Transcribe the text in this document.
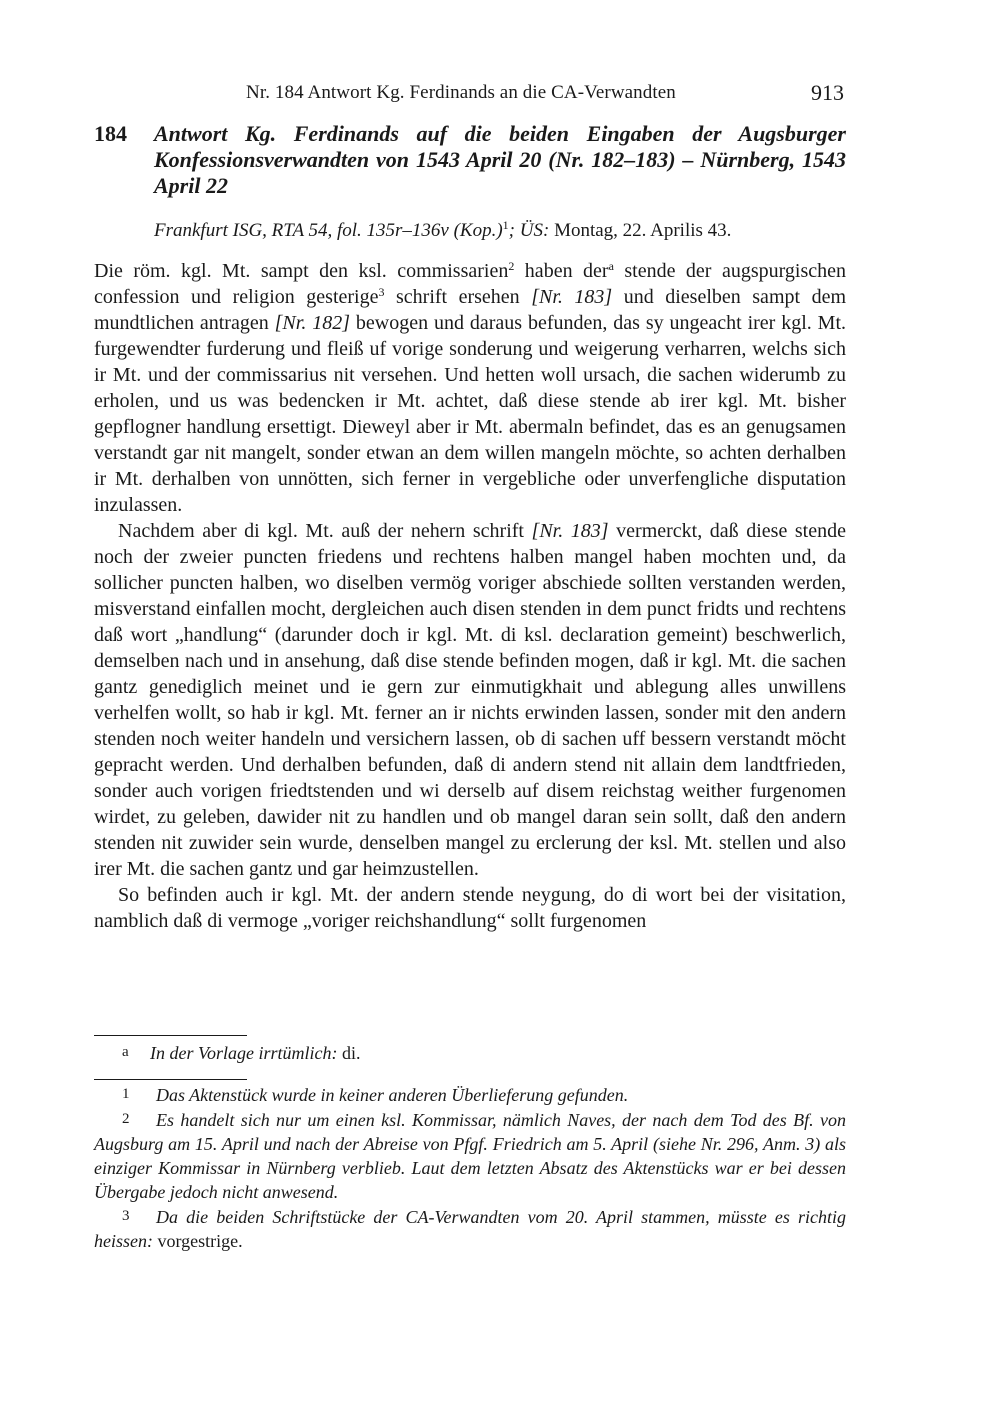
Nr. 184 Antwort Kg. Ferdinands an die CA-Verwandten	913
184 Antwort Kg. Ferdinands auf die beiden Eingaben der Augsburger Konfessionsverwandten von 1543 April 20 (Nr. 182–183) – Nürnberg, 1543 April 22
Frankfurt ISG, RTA 54, fol. 135r–136v $(Kop.)^1$; ÜS: Montag, 22. Aprilis 43.

Die röm. kgl. Mt. sampt den ksl. commissarien$^2$ haben der$^a$ stende der augspurgischen confession und religion gesterige$^3$ schrift ersehen [Nr. 183] und dieselben sampt dem mundtlichen antragen [Nr. 182] bewogen und daraus befunden, das sy ungeacht irer kgl. Mt. furgewendter furderung und fleiß uf vorige sonderung und weigerung verharren, welchs sich ir Mt. und der commissarius nit versehen. Und hetten woll ursach, die sachen widerumb zu erholen, und us was bedencken ir Mt. achtet, daß diese stende ab irer kgl. Mt. bisher gepflogner handlung ersettigt. Dieweyl aber ir Mt. abermaln befindet, das es an genugsamen verstandt gar nit mangelt, sonder etwan an dem willen mangeln möchte, so achten derhalben ir Mt. derhalben von unnötten, sich ferner in vergebliche oder unverfengliche disputation inzulassen.

Nachdem aber di kgl. Mt. auß der nehern schrift [Nr. 183] vermerckt, daß diese stende noch der zweier puncten friedens und rechtens halben mangel haben mochten und, da sollicher puncten halben, wo diselben vermög voriger abschiede sollten verstanden werden, misverstand einfallen mocht, dergleichen auch disen stenden in dem punct fridts und rechtens daß wort „handlung“ (darunder doch ir kgl. Mt. di ksl. declaration gemeint) beschwerlich, demselben nach und in ansehung, daß dise stende befinden mogen, daß ir kgl. Mt. die sachen gantz genediglich meinet und ie gern zur einmutigkhait und ablegung alles unwillens verhelfen wollt, so hab ir kgl. Mt. ferner an ir nichts erwinden lassen, sonder mit den andern stenden noch weiter handeln und versichern lassen, ob di sachen uff bessern verstandt möcht gepracht werden. Und derhalben befunden, daß di andern stend nit allain dem landtfrieden, sonder auch vorigen friedtstenden und wi derselb auf disem reichstag weither furgenomen wirdet, zu geleben, dawider nit zu handlen und ob mangel daran sein sollt, daß den andern stenden nit zuwider sein wurde, denselben mangel zu erclerung der ksl. Mt. stellen und also irer Mt. die sachen gantz und gar heimzustellen.

So befinden auch ir kgl. Mt. der andern stende neygung, do di wort bei der visitation, namblich daß di vermoge „voriger reichshandlung“ sollt furgenomen

a In der Vorlage irrtümlich: di.

1 Das Aktenstück wurde in keiner anderen Überlieferung gefunden.

2 Es handelt sich nur um einen ksl. Kommissar, nämlich Naves, der nach dem Tod des Bf. von Augsburg am 15. April und nach der Abreise von Pfgf. Friedrich am 5. April (siehe Nr. 296, Anm. 3) als einziger Kommissar in Nürnberg verblieb. Laut dem letzten Absatz des Aktenstücks war er bei dessen Übergabe jedoch nicht anwesend.

3 Da die beiden Schriftstücke der CA-Verwandten vom 20. April stammen, müsste es richtig heissen: vorgestrige.
